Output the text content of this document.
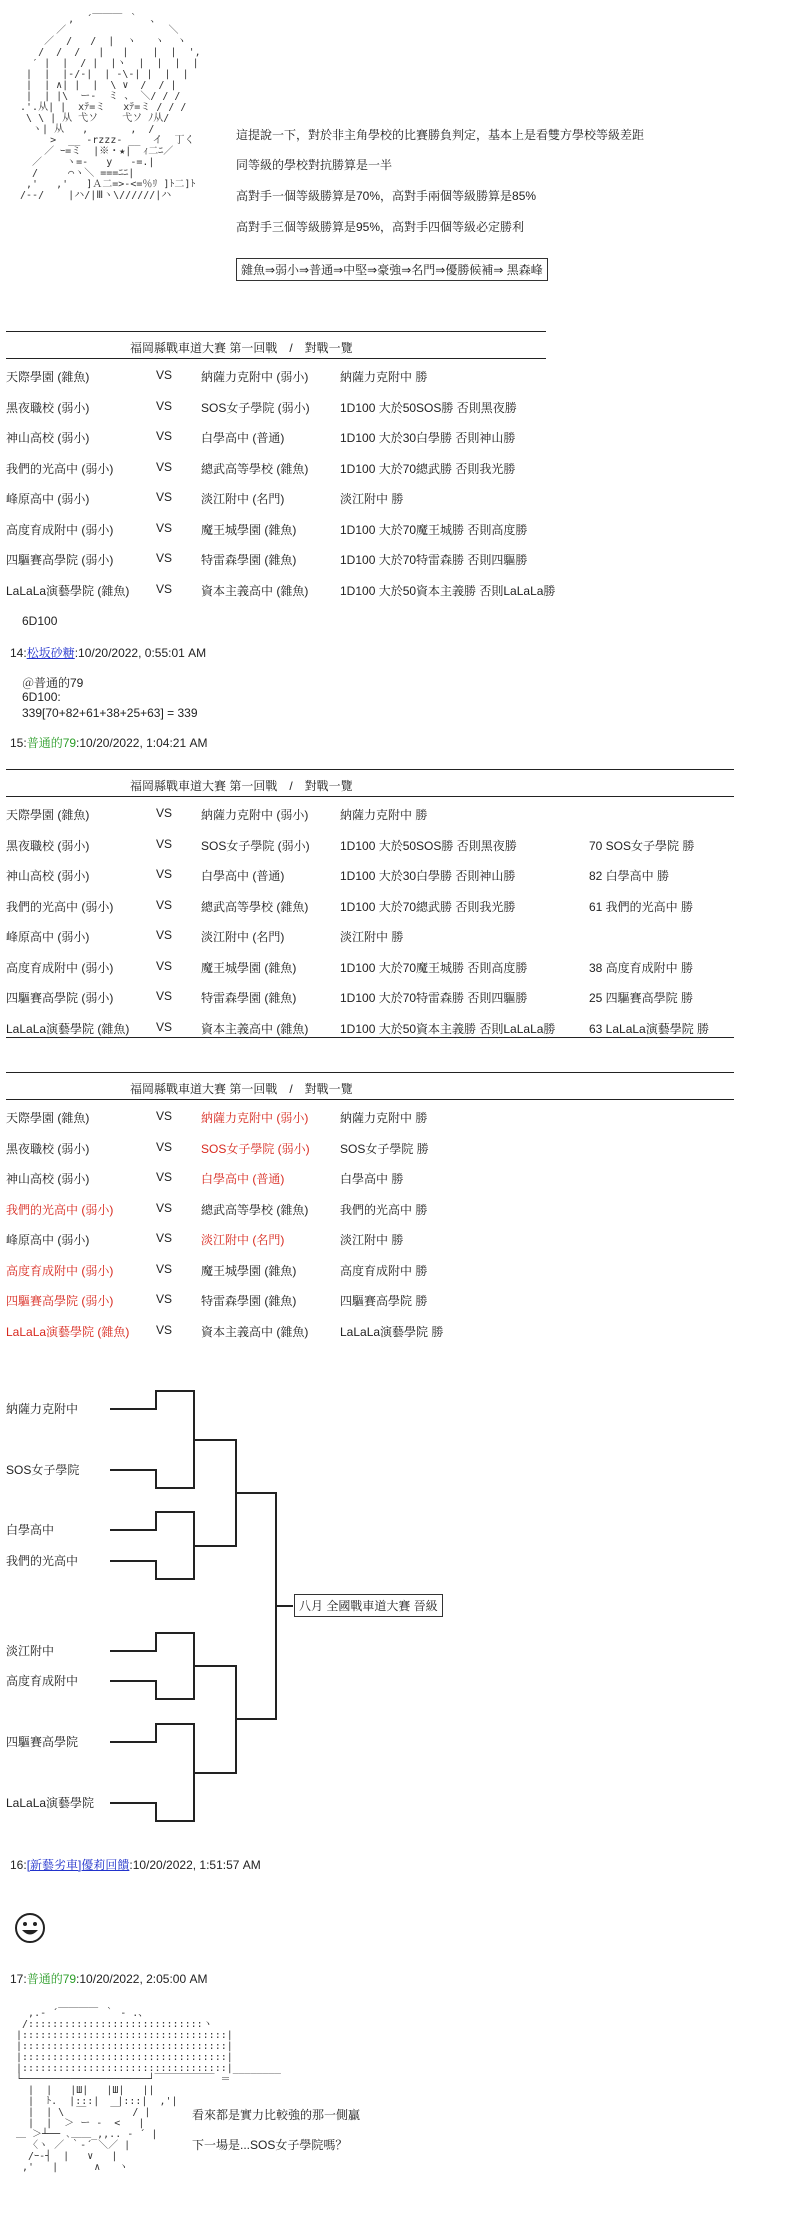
,  ´￣￣￣ ｀  、
／                 ＼
／  /   /  |  ヽ   ヽ  ヽ
/  /  /   |   |    |  |  ',
′ |  |  / |  |ヽ  |  |  |  |
|  |  |-/-|  | -\-| |  |  |
|  | ∧| |  |  \ ∨  /  / |
|  | |\  ー-  ミ 、 ＼/ / /
.'.从| |  xﾃ=ミ   xﾃ=ミ / / /
\ \ | 从 弋ソ    弋ソ ﾉ从/
ヽ| 从   ,       ,  /
>  __ -rzzz- __  イ  丁く
／ ｰ=ミ  |※・★|  ｨ二ﾆ／
／    ヽ=-   y   -=.|
/     ⌒ヽ＼ ===ﾆﾆ|
,'   ,'   ]Ａ二=>-<=％ﾘ ]ﾄ二]ﾄ
/--/    |ハ/|Ⅲヽ\//////|ハ
這提說一下，對於非主角學校的比賽勝負判定，基本上是看雙方學校等級差距
同等級的學校對抗勝算是一半
高對手一個等級勝算是70%，高對手兩個等級勝算是85%
高對手三個等級勝算是95%，高對手四個等級必定勝利
雜魚⇒弱小⇒普通⇒中堅⇒豪強⇒名門⇒優勝候補⇒ 黑森峰
福岡縣戰車道大賽 第一回戰　/　對戰一覽
天際學園 (雜魚)	VS 納薩力克附中 (弱小)	納薩力克附中 勝
黑夜職校 (弱小)	VS SOS女子學院 (弱小)	1D100 大於50SOS勝 否則黑夜勝
神山高校 (弱小)	VS 白學高中 (普通)	1D100 大於30白學勝 否則神山勝
我們的光高中 (弱小)	VS 總武高等學校 (雜魚)	1D100 大於70總武勝 否則我光勝
峰原高中 (弱小)	VS 淡江附中 (名門)	淡江附中 勝
高度育成附中 (弱小)	VS 魔王城學園 (雜魚)	1D100 大於70魔王城勝 否則高度勝
四驅賽高學院 (弱小)	VS 特雷森學園 (雜魚)	1D100 大於70特雷森勝 否則四驅勝
LaLaLa演藝學院 (雜魚) VS 資本主義高中 (雜魚)	1D100 大於50資本主義勝 否則LaLaLa勝
6D100
14:松坂砂糖:10/20/2022, 0:55:01 AM
＠普通的79
6D100:
339[70+82+61+38+25+63] = 339
15:普通的79:10/20/2022, 1:04:21 AM
福岡縣戰車道大賽 第一回戰　/　對戰一覽
天際學園 (雜魚)	VS 納薩力克附中 (弱小)	納薩力克附中 勝
黑夜職校 (弱小)	VS SOS女子學院 (弱小)	1D100 大於50SOS勝 否則黑夜勝	70 SOS女子學院 勝
神山高校 (弱小)	VS 白學高中 (普通)	1D100 大於30白學勝 否則神山勝	82 白學高中 勝
我們的光高中 (弱小)	VS 總武高等學校 (雜魚)	1D100 大於70總武勝 否則我光勝	61 我們的光高中 勝
峰原高中 (弱小)	VS 淡江附中 (名門)	淡江附中 勝
高度育成附中 (弱小)	VS 魔王城學園 (雜魚)	1D100 大於70魔王城勝 否則高度勝	38 高度育成附中 勝
四驅賽高學院 (弱小)	VS 特雷森學園 (雜魚)	1D100 大於70特雷森勝 否則四驅勝	25 四驅賽高學院 勝
LaLaLa演藝學院 (雜魚) VS 資本主義高中 (雜魚)	1D100 大於50資本主義勝 否則LaLaLa勝	63 LaLaLa演藝學院 勝
福岡縣戰車道大賽 第一回戰　/　對戰一覽
天際學園 (雜魚)	VS 納薩力克附中 (弱小)	納薩力克附中 勝
黑夜職校 (弱小)	VS SOS女子學院 (弱小)	SOS女子學院 勝
神山高校 (弱小)	VS 白學高中 (普通)	白學高中 勝
我們的光高中 (弱小)	VS 總武高等學校 (雜魚)	我們的光高中 勝
峰原高中 (弱小)	VS 淡江附中 (名門)	淡江附中 勝
高度育成附中 (弱小)	VS 魔王城學園 (雜魚)	高度育成附中 勝
四驅賽高學院 (弱小)	VS 特雷森學園 (雜魚)	四驅賽高學院 勝
LaLaLa演藝學院 (雜魚) VS 資本主義高中 (雜魚)	LaLaLa演藝學院 勝
納薩力克附中
SOS女子學院
白學高中
我們的光高中
淡江附中
高度育成附中
四驅賽高學院
LaLaLa演藝學院
八月 全國戰車道大賽 晉級
16:[新藝劣車]優莉回饋:10/20/2022, 1:51:57 AM
17:普通的79:10/20/2022, 2:05:00 AM
,.‐ ´￣￣￣￣ ｀ ‐ .、
/:::::::::::::::::::::::::::::ヽ
|::::::::::::::::::::::::::::::::::|
|::::::::::::::::::::::::::::::::::|
|::::::::::::::::::::::::::::::::::|
|::::::::::::::::::::::::::::::::::|________
└─────────────────────┘￣￣￣￣￣￣ ＝
|  |   |Ш|   |Ш|   ||
|  ﾄ.  |:::|   |:::|  ,'|
|  | \  ￣    ￣  / |
|  |  ＞ ー ‐  <   |
＿ ＞┴── ､＿＿_,,.. ‐ ´ |
〈ヽ ／ ｀-´ ＼／ |
/ｰ-┤  |   ∨   |
,'   |      ∧   ヽ
看來都是實力比較強的那一側贏
下一場是...SOS女子學院嗎？
